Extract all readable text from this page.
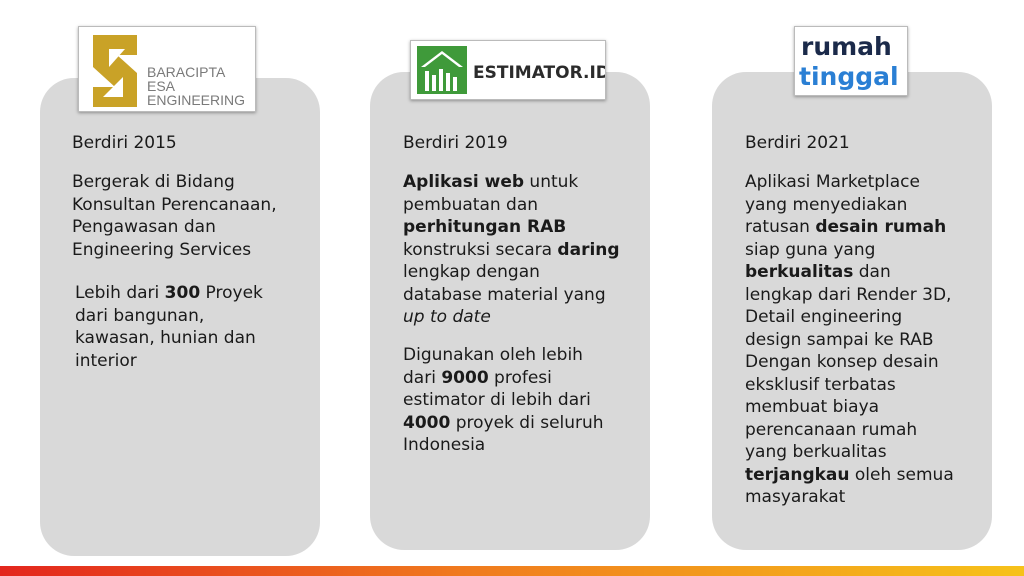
BARACIPTA
ESA
ENGINEERING
ESTIMATOR.ID
rumah
tinggal
Berdiri 2015
Bergerak di Bidang
Konsultan Perencanaan,
Pengawasan dan
Engineering Services
Lebih dari 300 Proyek
dari bangunan,
kawasan, hunian dan
interior
Berdiri 2019
Aplikasi web untuk
pembuatan dan
perhitungan RAB
konstruksi secara daring
lengkap dengan
database material yang
up to date
Digunakan oleh lebih
dari 9000 profesi
estimator di lebih dari
4000 proyek di seluruh
Indonesia
Berdiri 2021
Aplikasi Marketplace
yang menyediakan
ratusan desain rumah
siap guna yang
berkualitas dan
lengkap dari Render 3D,
Detail engineering
design sampai ke RAB
Dengan konsep desain
eksklusif terbatas
membuat biaya
perencanaan rumah
yang berkualitas
terjangkau oleh semua
masyarakat
